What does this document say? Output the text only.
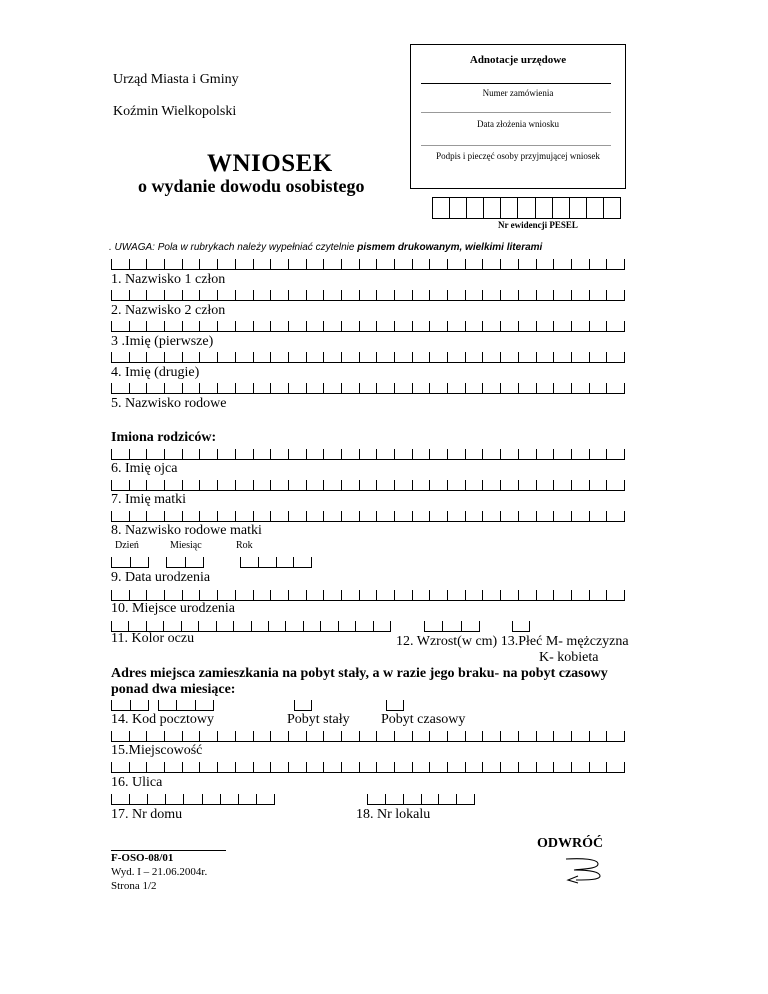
Urząd Miasta i Gminy
Koźmin Wielkopolski
WNIOSEK
o wydanie dowodu osobistego
Adnotacje urzędowe
Numer zamówienia
Data złożenia wniosku
Podpis i pieczęć osoby przyjmującej wniosek
Nr ewidencji PESEL
. UWAGA: Pola w rubrykach należy wypełniać czytelnie pismem drukowanym, wielkimi literami
1. Nazwisko 1 człon
2. Nazwisko 2 człon
3 .Imię (pierwsze)
4. Imię (drugie)
5. Nazwisko rodowe
Imiona rodziców:
6. Imię ojca
7. Imię matki
8. Nazwisko rodowe matki
Dzień	Miesiąc	Rok
9. Data urodzenia
10. Miejsce urodzenia
11. Kolor oczu	12. Wzrost(w cm) 13.Płeć M- mężczyzna
K- kobieta
Adres miejsca zamieszkania na pobyt stały, a w razie jego braku- na pobyt czasowy ponad dwa miesiące:
14. Kod pocztowy	Pobyt stały Pobyt czasowy
15.Miejscowość
16. Ulica
17. Nr domu	18. Nr lokalu
F-OSO-08/01
Wyd. I – 21.06.2004r.
Strona 1/2
ODWRÓĆ
